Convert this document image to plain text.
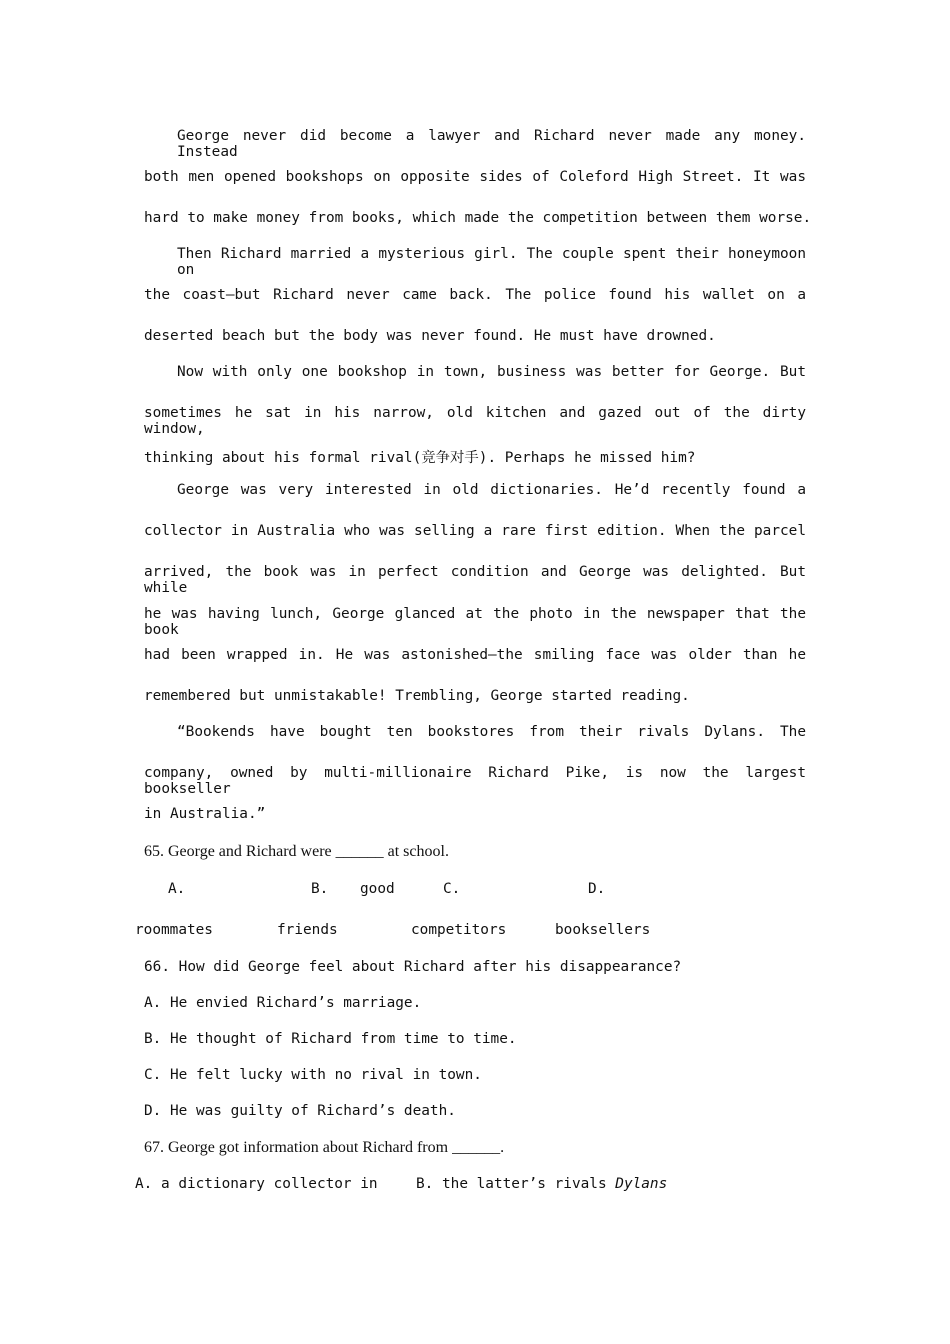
George never did become a lawyer and Richard never made any money. Instead
both men opened bookshops on opposite sides of Coleford High Street. It was
hard to make money from books, which made the competition between them worse.
Then Richard married a mysterious girl. The couple spent their honeymoon on
the coast—but Richard never came back. The police found his wallet on a
deserted beach but the body was never found. He must have drowned.
Now with only one bookshop in town, business was better for George. But
sometimes he sat in his narrow, old kitchen and gazed out of the dirty window,
thinking about his formal rival(竞争对手). Perhaps he missed him?
George was very interested in old dictionaries. He’d recently found a
collector in Australia who was selling a rare first edition. When the parcel
arrived, the book was in perfect condition and George was delighted. But while
he was having lunch, George glanced at the photo in the newspaper that the book
had been wrapped in. He was astonished—the smiling face was older than he
remembered but unmistakable! Trembling, George started reading.
“Bookends have bought ten bookstores from their rivals Dylans. The
company, owned by multi-millionaire Richard Pike, is now the largest bookseller
in Australia.”
65. George and Richard were ______ at school.
A.	B. good	C.	D.
roommates	friends	competitors	booksellers
66. How did George feel about Richard after his disappearance?
A. He envied Richard’s marriage.
B. He thought of Richard from time to time.
C. He felt lucky with no rival in town.
D. He was guilty of Richard’s death.
67. George got information about Richard from ______.
A. a dictionary collector in	B. the latter’s rivals Dylans
